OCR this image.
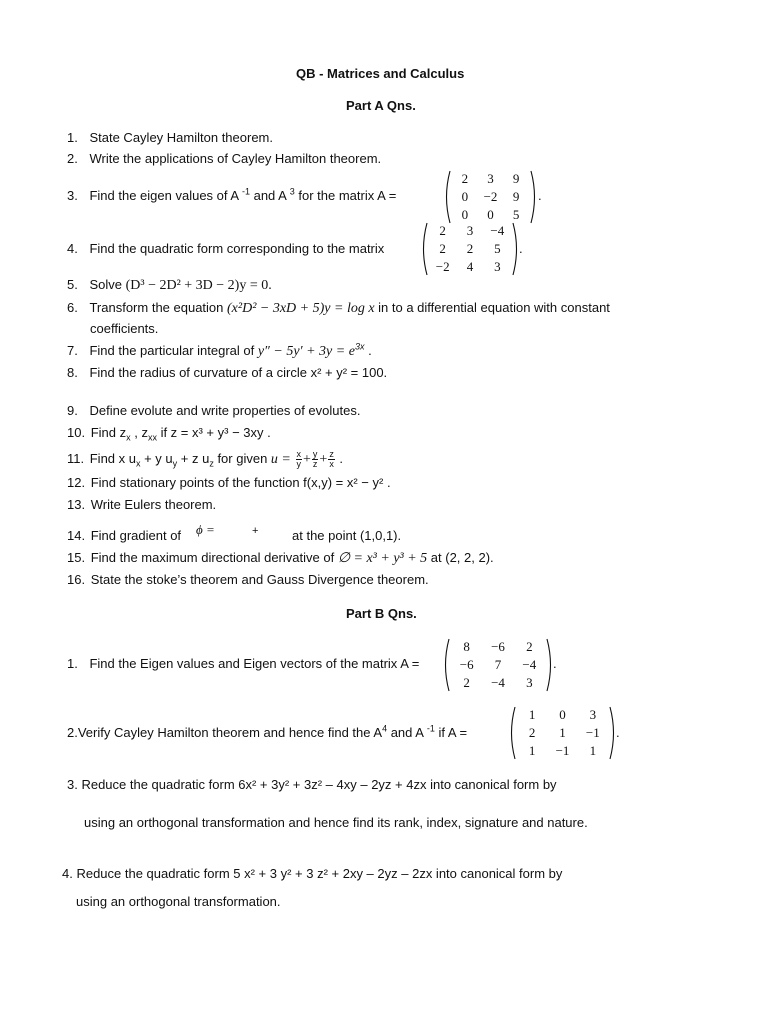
QB - Matrices and Calculus
Part A Qns.
1. State Cayley Hamilton theorem.
2. Write the applications of Cayley Hamilton theorem.
3. Find the eigen values of A $^{-1}$ and A $^3$ for the matrix A =
2	3	9
0	−2	9
0	0	5
.
4. Find the quadratic form corresponding to the matrix
2	3	−4
2	2	5
−2	4	3
.
5. Solve (D³ − 2D² + 3D − 2)y = 0.
6. Transform the equation (x²D² − 3xD + 5)y = log x in to a differential equation with constant
coefficients.
7. Find the particular integral of $y'' - 5y' + 3y = e^{3x}$ .
8. Find the radius of curvature of a circle x² + y² = 100.
9. Define evolute and write properties of evolutes.
10. Find $z_x$ , $z_{xx}$ if z = x³ + y³ − 3xy .
11. Find x $u_x + y$ $u_y + z$ $u_z$ for given $u = \frac{x}{y} + \frac{y}{z} + \frac{z}{x}$ .
12. Find stationary points of the function f(x,y) = x² − y² .
13. Write Eulers theorem.
14. Find gradient of ϕ =	+	at the point (1,0,1).
15. Find the maximum directional derivative of ∅ = x³ + y³ + 5 at (2, 2, 2).
16. State the stoke’s theorem and Gauss Divergence theorem.
Part B Qns.
1. Find the Eigen values and Eigen vectors of the matrix A =
8	−6	2
−6	7	−4
2	−4	3
.
2.Verify Cayley Hamilton theorem and hence find the $A^4$ and A $^{-1}$ if A =
1	0	3
2	1	−1
1	−1	1
.
3. Reduce the quadratic form 6x² + 3y² + 3z² – 4xy – 2yz + 4zx into canonical form by
using an orthogonal transformation and hence find its rank, index, signature and nature.
4. Reduce the quadratic form 5 x² + 3 y² + 3 z² + 2xy – 2yz – 2zx into canonical form by
using an orthogonal transformation.
